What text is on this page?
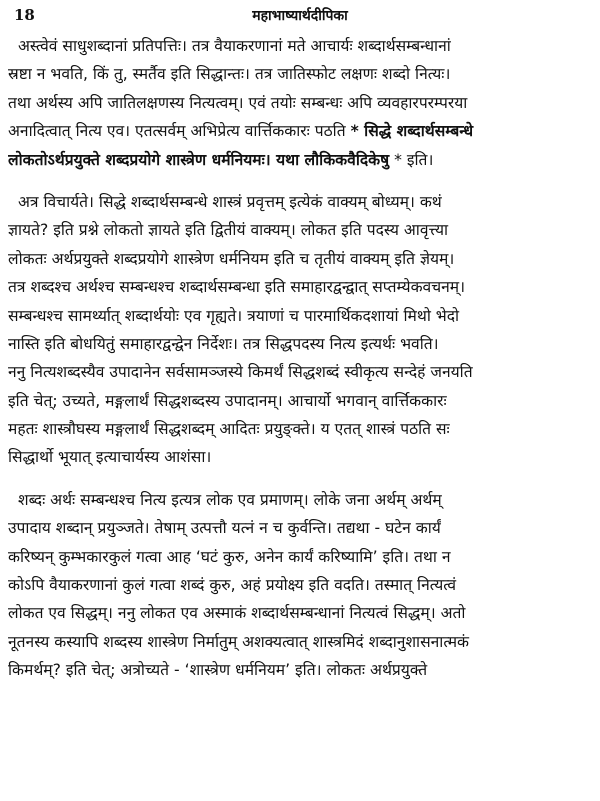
18	महाभाष्यार्थदीपिका
अस्त्वेवं साधुशब्दानां प्रतिपत्तिः। तत्र वैयाकरणानां मते आचार्यः शब्दार्थसम्बन्धानां
स्रष्टा न भवति, किं तु, स्मर्तैव इति सिद्धान्तः। तत्र जातिस्फोट लक्षणः शब्दो नित्यः।
तथा अर्थस्य अपि जातिलक्षणस्य नित्यत्वम्। एवं तयोः सम्बन्धः अपि व्यवहारपरम्परया
अनादित्वात् नित्य एव। एतत्सर्वम् अभिप्रेत्य वार्त्तिककारः पठति * सिद्धे शब्दार्थसम्बन्धे
लोकतोऽर्थप्रयुक्ते शब्दप्रयोगे शास्त्रेण धर्मनियमः। यथा लौकिकवैदिकेषु * इति।
अत्र विचार्यते। सिद्धे शब्दार्थसम्बन्धे शास्त्रं प्रवृत्तम् इत्येकं वाक्यम् बोध्यम्। कथं
ज्ञायते? इति प्रश्ने लोकतो ज्ञायते इति द्वितीयं वाक्यम्। लोकत इति पदस्य आवृत्त्या
लोकतः अर्थप्रयुक्ते शब्दप्रयोगे शास्त्रेण धर्मनियम इति च तृतीयं वाक्यम् इति ज्ञेयम्।
तत्र शब्दश्च अर्थश्च सम्बन्धश्च शब्दार्थसम्बन्धा इति समाहारद्वन्द्वात् सप्तम्येकवचनम्।
सम्बन्धश्च सामर्थ्यात् शब्दार्थयोः एव गृह्यते। त्रयाणां च पारमार्थिकदशायां मिथो भेदो
नास्ति इति बोधयितुं समाहारद्वन्द्वेन निर्देशः। तत्र सिद्धपदस्य नित्य इत्यर्थः भवति।
ननु नित्यशब्दस्यैव उपादानेन सर्वसामञ्जस्ये किमर्थं सिद्धशब्दं स्वीकृत्य सन्देहं जनयति
इति चेत्; उच्यते, मङ्गलार्थं सिद्धशब्दस्य उपादानम्। आचार्यो भगवान् वार्त्तिककारः
महतः शास्त्रौघस्य मङ्गलार्थं सिद्धशब्दम् आदितः प्रयुङ्क्ते। य एतत् शास्त्रं पठति सः
सिद्धार्थो भूयात् इत्याचार्यस्य आशंसा।
शब्दः अर्थः सम्बन्धश्च नित्य इत्यत्र लोक एव प्रमाणम्। लोके जना अर्थम् अर्थम्
उपादाय शब्दान् प्रयुञ्जते। तेषाम् उत्पत्तौ यत्नं न च कुर्वन्ति। तद्यथा - घटेन कार्यं
करिष्यन् कुम्भकारकुलं गत्वा आह ‘घटं कुरु, अनेन कार्यं करिष्यामि’ इति। तथा न
कोऽपि वैयाकरणानां कुलं गत्वा शब्दं कुरु, अहं प्रयोक्ष्य इति वदति। तस्मात् नित्यत्वं
लोकत एव सिद्धम्। ननु लोकत एव अस्माकं शब्दार्थसम्बन्धानां नित्यत्वं सिद्धम्। अतो
नूतनस्य कस्यापि शब्दस्य शास्त्रेण निर्मातुम् अशक्यत्वात् शास्त्रमिदं शब्दानुशासनात्मकं
किमर्थम्? इति चेत्; अत्रोच्यते - ‘शास्त्रेण धर्मनियम’ इति। लोकतः अर्थप्रयुक्ते
